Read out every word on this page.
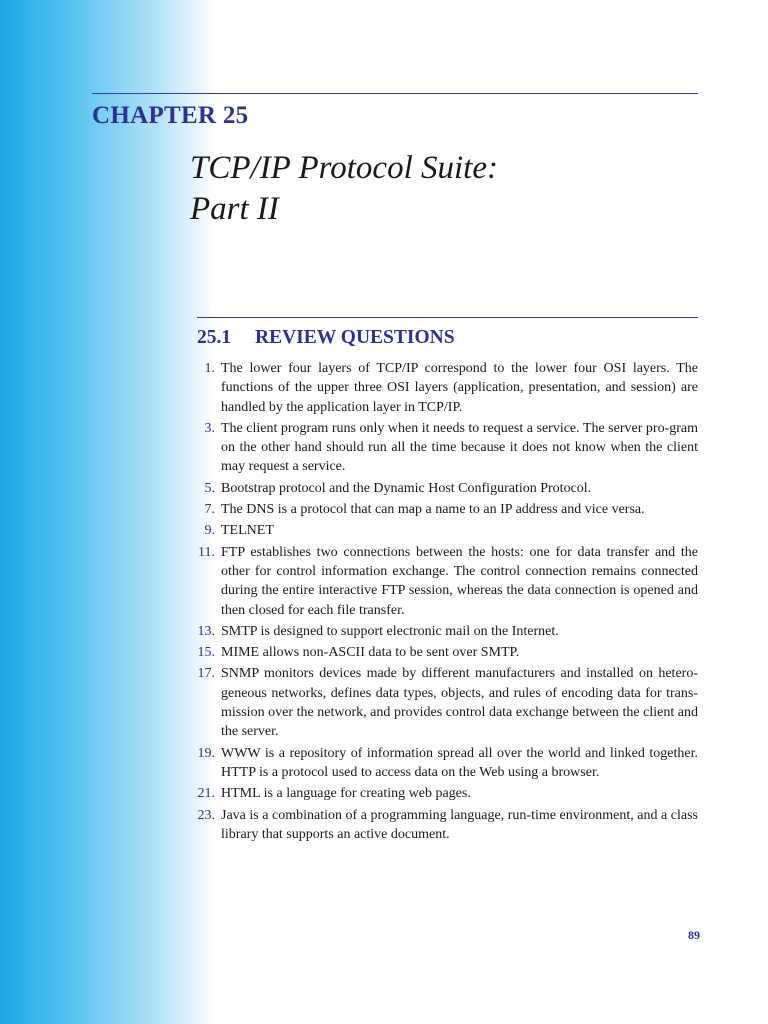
CHAPTER 25
TCP/IP Protocol Suite:
Part II
25.1 REVIEW QUESTIONS
1. The lower four layers of TCP/IP correspond to the lower four OSI layers. The functions of the upper three OSI layers (application, presentation, and session) are handled by the application layer in TCP/IP.
3. The client program runs only when it needs to request a service. The server pro-gram on the other hand should run all the time because it does not know when the client may request a service.
5. Bootstrap protocol and the Dynamic Host Configuration Protocol.
7. The DNS is a protocol that can map a name to an IP address and vice versa.
9. TELNET
11. FTP establishes two connections between the hosts: one for data transfer and the other for control information exchange. The control connection remains connected during the entire interactive FTP session, whereas the data connection is opened and then closed for each file transfer.
13. SMTP is designed to support electronic mail on the Internet.
15. MIME allows non-ASCII data to be sent over SMTP.
17. SNMP monitors devices made by different manufacturers and installed on hetero-geneous networks, defines data types, objects, and rules of encoding data for trans-mission over the network, and provides control data exchange between the client and the server.
19. WWW is a repository of information spread all over the world and linked together. HTTP is a protocol used to access data on the Web using a browser.
21. HTML is a language for creating web pages.
23. Java is a combination of a programming language, run-time environment, and a class library that supports an active document.
89
